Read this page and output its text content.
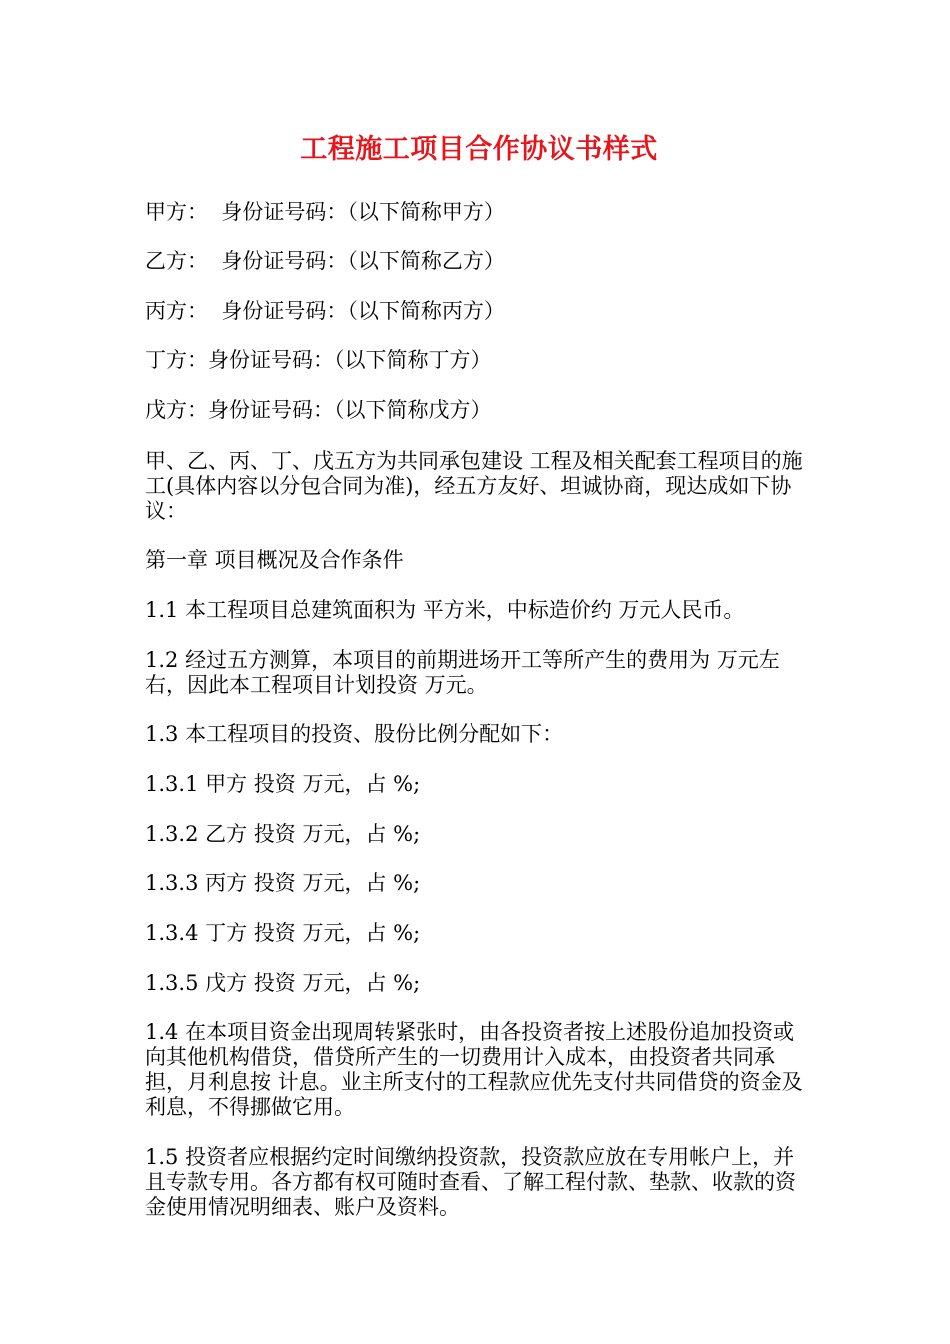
工程施工项目合作协议书样式

甲方：  身份证号码：（以下简称甲方）

乙方：  身份证号码：（以下简称乙方）

丙方：  身份证号码：（以下简称丙方）

丁方：身份证号码：（以下简称丁方）

戊方：身份证号码：（以下简称戊方）

甲、乙、丙、丁、戊五方为共同承包建设 工程及相关配套工程项目的施工(具体内容以分包合同为准)，经五方友好、坦诚协商，现达成如下协议：

第一章 项目概况及合作条件

1.1 本工程项目总建筑面积为 平方米，中标造价约 万元人民币。

1.2 经过五方测算，本项目的前期进场开工等所产生的费用为 万元左右，因此本工程项目计划投资 万元。

1.3 本工程项目的投资、股份比例分配如下：

1.3.1 甲方 投资 万元，占 %;

1.3.2 乙方 投资 万元，占 %;

1.3.3 丙方 投资 万元，占 %;

1.3.4 丁方 投资 万元，占 %;

1.3.5 戊方 投资 万元，占 %;

1.4 在本项目资金出现周转紧张时，由各投资者按上述股份追加投资或向其他机构借贷，借贷所产生的一切费用计入成本，由投资者共同承担，月利息按 计息。业主所支付的工程款应优先支付共同借贷的资金及利息，不得挪做它用。

1.5 投资者应根据约定时间缴纳投资款，投资款应放在专用帐户上，并且专款专用。各方都有权可随时查看、了解工程付款、垫款、收款的资金使用情况明细表、账户及资料。
